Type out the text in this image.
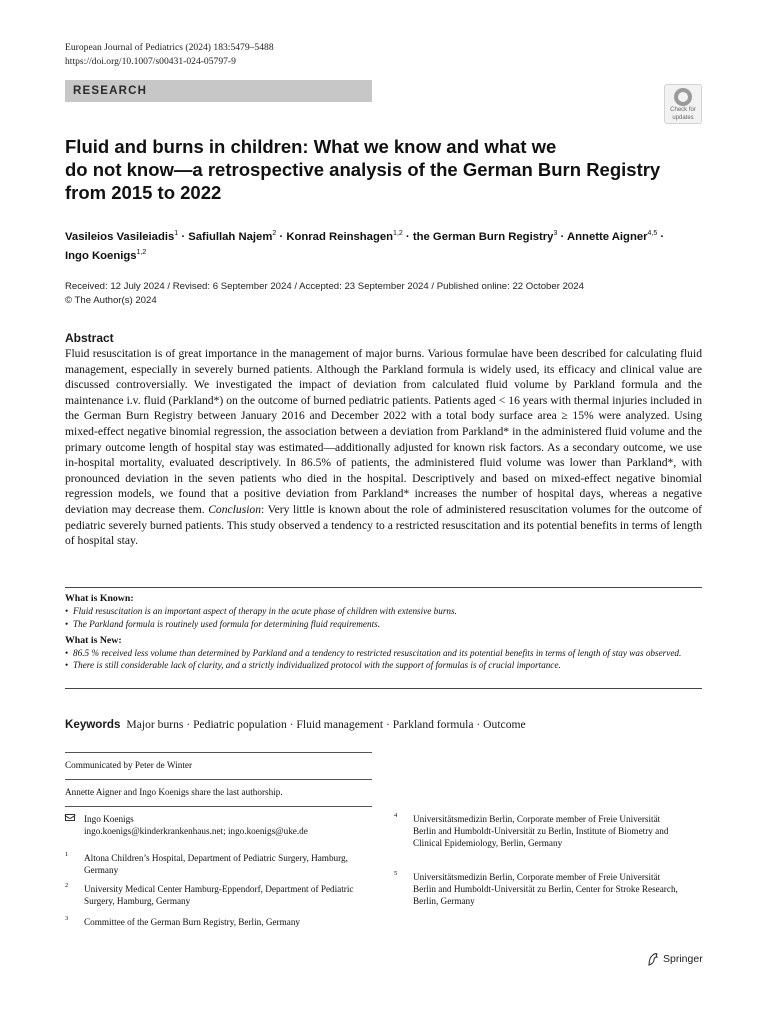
European Journal of Pediatrics (2024) 183:5479–5488
https://doi.org/10.1007/s00431-024-05797-9
RESEARCH
Check for
updates
Fluid and burns in children: What we know and what we
do not know—a retrospective analysis of the German Burn Registry
from 2015 to 2022
Vasileios Vasileiadis$^1$ · Safiullah Najem$^2$ · Konrad Reinshagen$^{1,2}$ · the German Burn Registry$^3$ · Annette Aigner$^{4,5}$ ·
Ingo Koenigs$^{1,2}$
Received: 12 July 2024 / Revised: 6 September 2024 / Accepted: 23 September 2024 / Published online: 22 October 2024
© The Author(s) 2024
Abstract

Fluid resuscitation is of great importance in the management of major burns. Various formulae have been described for calculating fluid management, especially in severely burned patients. Although the Parkland formula is widely used, its efficacy and clinical value are discussed controversially. We investigated the impact of deviation from calculated fluid volume by Parkland formula and the maintenance i.v. fluid (Parkland*) on the outcome of burned pediatric patients. Patients aged < 16 years with thermal injuries included in the German Burn Registry between January 2016 and December 2022 with a total body surface area ≥ 15% were analyzed. Using mixed-effect negative binomial regression, the association between a deviation from Parkland* in the administered fluid volume and the primary outcome length of hospital stay was estimated—additionally adjusted for known risk factors. As a secondary outcome, we use in-hospital mortality, evaluated descriptively. In 86.5% of patients, the administered fluid volume was lower than Parkland*, with pronounced deviation in the seven patients who died in the hospital. Descriptively and based on mixed-effect negative binomial regression models, we found that a positive deviation from Parkland* increases the number of hospital days, whereas a negative deviation may decrease them. Conclusion: Very little is known about the role of administered resuscitation volumes for the outcome of pediatric severely burned patients. This study observed a tendency to a restricted resuscitation and its potential benefits in terms of length of hospital stay.

What is Known:
• Fluid resuscitation is an important aspect of therapy in the acute phase of children with extensive burns.
• The Parkland formula is routinely used formula for determining fluid requirements.
What is New:
• 86.5 % received less volume than determined by Parkland and a tendency to restricted resuscitation and its potential benefits in terms of length of stay was observed.
• There is still considerable lack of clarity, and a strictly individualized protocol with the support of formulas is of crucial importance.
Keywords Major burns · Pediatric population · Fluid management · Parkland formula · Outcome
Communicated by Peter de Winter
Annette Aigner and Ingo Koenigs share the last authorship.
Ingo Koenigs
ingo.koenigs@kinderkrankenhaus.net; ingo.koenigs@uke.de
1 Altona Children’s Hospital, Department of Pediatric Surgery, Hamburg, Germany
2 University Medical Center Hamburg-Eppendorf, Department of Pediatric Surgery, Hamburg, Germany
3 Committee of the German Burn Registry, Berlin, Germany
4 Universitätsmedizin Berlin, Corporate member of Freie Universität Berlin and Humboldt-Universität zu Berlin, Institute of Biometry and Clinical Epidemiology, Berlin, Germany
5 Universitätsmedizin Berlin, Corporate member of Freie Universität Berlin and Humboldt-Universität zu Berlin, Center for Stroke Research, Berlin, Germany
Springer
